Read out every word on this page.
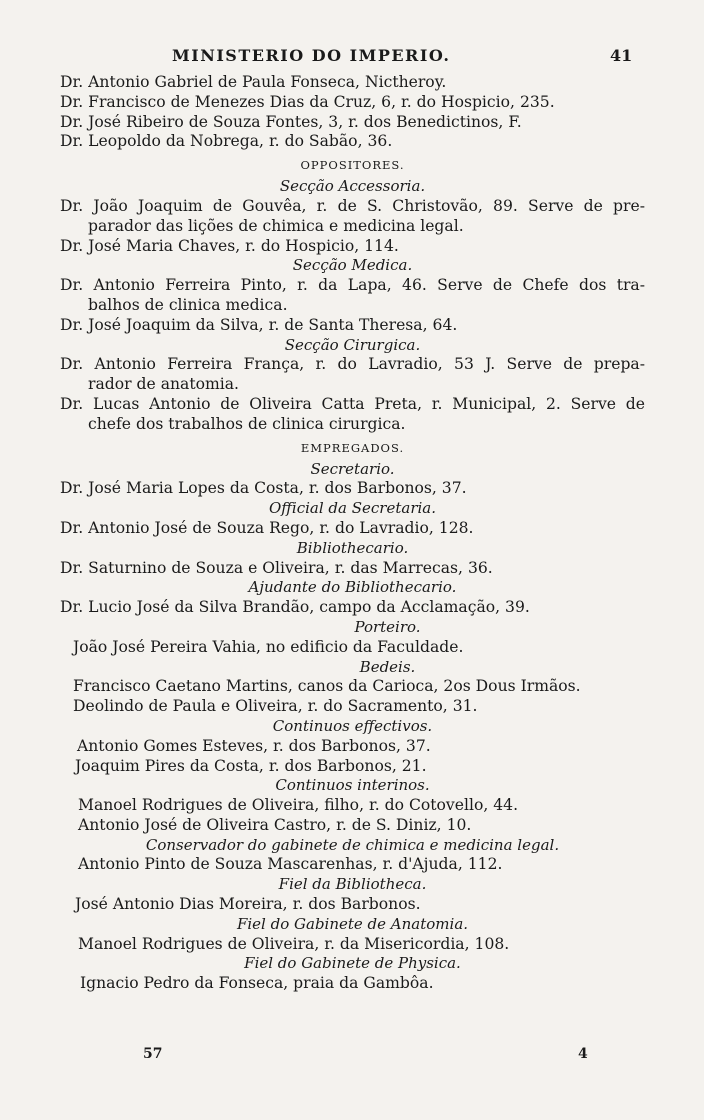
MINISTERIO DO IMPERIO.	41
Dr. Antonio Gabriel de Paula Fonseca, Nictheroy.
Dr. Francisco de Menezes Dias da Cruz, 6, r. do Hospicio, 235.
Dr. José Ribeiro de Souza Fontes, 3, r. dos Benedictinos, F.
Dr. Leopoldo da Nobrega, r. do Sabão, 36.
OPPOSITORES.
Secção Accessoria.
Dr. João Joaquim de Gouvêa, r. de S. Christovão, 89. Serve de pre-
parador das lições de chimica e medicina legal.
Dr. José Maria Chaves, r. do Hospicio, 114.
Secção Medica.
Dr. Antonio Ferreira Pinto, r. da Lapa, 46. Serve de Chefe dos tra-
balhos de clinica medica.
Dr. José Joaquim da Silva, r. de Santa Theresa, 64.
Secção Cirurgica.
Dr. Antonio Ferreira França, r. do Lavradio, 53 J. Serve de prepa-
rador de anatomia.
Dr. Lucas Antonio de Oliveira Catta Preta, r. Municipal, 2. Serve de
chefe dos trabalhos de clinica cirurgica.
EMPREGADOS.
Secretario.
Dr. José Maria Lopes da Costa, r. dos Barbonos, 37.
Official da Secretaria.
Dr. Antonio José de Souza Rego, r. do Lavradio, 128.
Bibliothecario.
Dr. Saturnino de Souza e Oliveira, r. das Marrecas, 36.
Ajudante do Bibliothecario.
Dr. Lucio José da Silva Brandão, campo da Acclamação, 39.
Porteiro.
João José Pereira Vahia, no edificio da Faculdade.
Bedeis.
Francisco Caetano Martins, canos da Carioca, 2os Dous Irmãos.
Deolindo de Paula e Oliveira, r. do Sacramento, 31.
Continuos effectivos.
Antonio Gomes Esteves, r. dos Barbonos, 37.
Joaquim Pires da Costa, r. dos Barbonos, 21.
Continuos interinos.
Manoel Rodrigues de Oliveira, filho, r. do Cotovello, 44.
Antonio José de Oliveira Castro, r. de S. Diniz, 10.
Conservador do gabinete de chimica e medicina legal.
Antonio Pinto de Souza Mascarenhas, r. d'Ajuda, 112.
Fiel da Bibliotheca.
José Antonio Dias Moreira, r. dos Barbonos.
Fiel do Gabinete de Anatomia.
Manoel Rodrigues de Oliveira, r. da Misericordia, 108.
Fiel do Gabinete de Physica.
Ignacio Pedro da Fonseca, praia da Gambôa.
57	4
